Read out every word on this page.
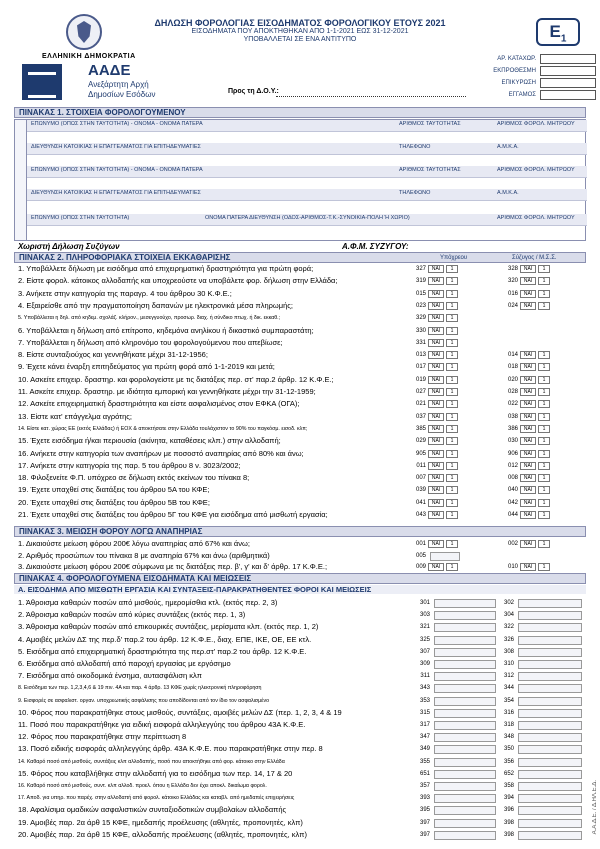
ΕΛΛΗΝΙΚΗ ΔΗΜΟΚΡΑΤΙΑ
ΑΑΔΕ
Ανεξάρτητη Αρχή Δημοσίων Εσόδων
ΔΗΛΩΣΗ ΦΟΡΟΛΟΓΙΑΣ ΕΙΣΟΔΗΜΑΤΟΣ ΦΟΡΟΛΟΓΙΚΟΥ ΕΤΟΥΣ 2021
ΕΙΣΟΔΗΜΑΤΑ ΠΟΥ ΑΠΟΚΤΗΘΗΚΑΝ ΑΠΟ 1-1-2021 ΕΩΣ 31-12-2021
ΥΠΟΒΑΛΛΕΤΑΙ ΣΕ ΕΝΑ ΑΝΤΙΤΥΠΟ	$E_1$
ΑΡ. ΚΑΤΑΧΩΡ.
ΕΚΠΡΟΘΕΣΜΗ
ΕΠΙΚΥΡΩΣΗ
ΕΓΓΑΜΟΣ
Προς τη Δ.Ο.Υ.:
ΠΙΝΑΚΑΣ 1. ΣΤΟΙΧΕΙΑ ΦΟΡΟΛΟΓΟΥΜΕΝΟΥ
ΕΠΩΝΥΜΟ (ΟΠΩΣ ΣΤΗΝ ΤΑΥΤΟΤΗΤΑ) - ΟΝΟΜΑ - ΟΝΟΜΑ ΠΑΤΕΡΑ	ΑΡΙΘΜΟΣ ΤΑΥΤΟΤΗΤΑΣ	ΑΡΙΘΜΟΣ ΦΟΡΟΛ. ΜΗΤΡΩΟΥ
ΔΙΕΥΘΥΝΣΗ ΚΑΤΟΙΚΙΑΣ Η ΕΠΑΓΓΕΛΜΑΤΟΣ ΓΙΑ ΕΠΙΤΗΔΕΥΜΑΤΙΕΣ	ΤΗΛΕΦΩΝΟ	Α.Μ.Κ.Α.
ΕΠΩΝΥΜΟ (ΟΠΩΣ ΣΤΗΝ ΤΑΥΤΟΤΗΤΑ) - ΟΝΟΜΑ - ΟΝΟΜΑ ΠΑΤΕΡΑ	ΑΡΙΘΜΟΣ ΤΑΥΤΟΤΗΤΑΣ	ΑΡΙΘΜΟΣ ΦΟΡΟΛ. ΜΗΤΡΩΟΥ
ΔΙΕΥΘΥΝΣΗ ΚΑΤΟΙΚΙΑΣ Η ΕΠΑΓΓΕΛΜΑΤΟΣ ΓΙΑ ΕΠΙΤΗΔΕΥΜΑΤΙΕΣ	ΤΗΛΕΦΩΝΟ	Α.Μ.Κ.Α.
ΕΠΩΝΥΜΟ (ΟΠΩΣ ΣΤΗΝ ΤΑΥΤΟΤΗΤΑ)	ΟΝΟΜΑ ΠΑΤΕΡΑ ΔΙΕΥΘΥΝΣΗ (ΟΔΟΣ-ΑΡΙΘΜΟΣ-Τ.Κ.-ΣΥΝΟΙΚΙΑ-ΠΟΛΗ Ή ΧΩΡΙΟ)	ΑΡΙΘΜΟΣ ΦΟΡΟΛ. ΜΗΤΡΩΟΥ
Χωριστή Δήλωση Συζύγων	Α.Φ.Μ. ΣΥΖΥΓΟΥ:
ΠΙΝΑΚΑΣ 2. ΠΛΗΡΟΦΟΡΙΑΚΑ ΣΤΟΙΧΕΙΑ ΕΚΚΑΘΑΡΙΣΗΣ	Υπόχρεου	Σύζυγος / Μ.Σ.Σ.
1. Υποβάλλετε δήλωση με εισόδημα από επιχειρηματική δραστηριότητα για πρώτη φορά;	327	ΝΑΙ	1	328	ΝΑΙ	1
2. Είστε φορολ. κάτοικος αλλοδαπής και υποχρεούστε να υποβάλετε φορ. δήλωση στην Ελλάδα;	319	ΝΑΙ	1	320	ΝΑΙ	1
3. Ανήκετε στην κατηγορία της παραγρ. 4 του άρθρου 30 Κ.Φ.Ε.;	015	ΝΑΙ	1	016	ΝΑΙ	1
4. Εξαιρείσθε από την πραγματοποίηση δαπανών με ηλεκτρονικά μέσα πληρωμής;	023	ΝΑΙ	1	024	ΝΑΙ	1
5. Υποβάλλεται η δηλ. από κηδεμ. σχολάζ. κλήρον., μεσεγγυούχο, προσωρ. διαχ. ή σύνδικο πτωχ. ή δικ. εκκαθ.;	329	ΝΑΙ	1
6. Υποβάλλεται η δήλωση από επίτροπο, κηδεμόνα ανηλίκου ή δικαστικό συμπαραστάτη;	330	ΝΑΙ	1
7. Υποβάλλεται η δήλωση από κληρονόμο του φορολογούμενου που απεβίωσε;	331	ΝΑΙ	1
8. Είστε συνταξιούχος και γεννηθήκατε μέχρι 31-12-1956;	013	ΝΑΙ	1	014	ΝΑΙ	1
9. Έχετε κάνει έναρξη επιτηδεύματος για πρώτη φορά από 1-1-2019 και μετά;	017	ΝΑΙ	1	018	ΝΑΙ	1
10. Ασκείτε επιχειρ. δραστηρ. και φορολογείστε με τις διατάξεις περ. στ' παρ.2 άρθρ. 12 Κ.Φ.Ε.;	019	ΝΑΙ	1	020	ΝΑΙ	1
11. Ασκείτε επιχειρ. δραστηρ. με ιδιότητα εμπορική και γεννηθήκατε μέχρι την 31-12-1959;	027	ΝΑΙ	1	028	ΝΑΙ	1
12. Ασκείτε επιχειρηματική δραστηριότητα και είστε ασφαλισμένος στον ΕΦΚΑ (ΟΓΑ);	021	ΝΑΙ	1	022	ΝΑΙ	1
13. Είστε κατ' επάγγελμα αγρότης;	037	ΝΑΙ	1	038	ΝΑΙ	1
14. Είστε κατ. χώρας ΕΕ (εκτός Ελλάδας) ή ΕΟΧ & αποκτήσατε στην Ελλάδα τουλάχιστον το 90% του παγκόσμ. εισοδ. κλπ;	385	ΝΑΙ	1	386	ΝΑΙ	1
15. Έχετε εισόδημα ή/και περιουσία (ακίνητα, καταθέσεις κλπ.) στην αλλοδαπή;	029	ΝΑΙ	1	030	ΝΑΙ	1
16. Ανήκετε στην κατηγορία των αναπήρων με ποσοστό αναπηρίας από 80% και άνω;	905	ΝΑΙ	1	906	ΝΑΙ	1
17. Ανήκετε στην κατηγορία της παρ. 5 του άρθρου 8 ν. 3023/2002;	011	ΝΑΙ	1	012	ΝΑΙ	1
18. Φιλοξενείτε Φ.Π. υπόχρεο σε δήλωση εκτός εκείνων του πίνακα 8;	007	ΝΑΙ	1	008	ΝΑΙ	1
19. Έχετε υπαχθεί στις διατάξεις του άρθρου 5Α του ΚΦΕ;	039	ΝΑΙ	1	040	ΝΑΙ	1
20. Έχετε υπαχθεί στις διατάξεις του άρθρου 5Β του ΚΦΕ;	041	ΝΑΙ	1	042	ΝΑΙ	1
21. Έχετε υπαχθεί στις διατάξεις του άρθρου 5Γ του ΚΦΕ για εισόδημα από μισθωτή εργασία;	043	ΝΑΙ	1	044	ΝΑΙ	1
ΠΙΝΑΚΑΣ 3. ΜΕΙΩΣΗ ΦΟΡΟΥ ΛΟΓΩ ΑΝΑΠΗΡΙΑΣ
1. Δικαιούστε μείωση φόρου 200€ λόγω αναπηρίας από 67% και άνω;	001	ΝΑΙ	1	002	ΝΑΙ	1
2. Αριθμός προσώπων του πίνακα 8 με αναπηρία 67% και άνω (αριθμητικά)	005
3. Δικαιούστε μείωση φόρου 200€ σύμφωνα με τις διατάξεις περ. β', γ' και δ' άρθρ. 17 Κ.Φ.Ε.;	009	ΝΑΙ	1	010	ΝΑΙ	1
ΠΙΝΑΚΑΣ 4. ΦΟΡΟΛΟΓΟΥΜΕΝΑ ΕΙΣΟΔΗΜΑΤΑ ΚΑΙ ΜΕΙΩΣΕΙΣ
Α. ΕΙΣΟΔΗΜΑ ΑΠΟ ΜΙΣΘΩΤΗ ΕΡΓΑΣΙΑ ΚΑΙ ΣΥΝΤΑΞΕΙΣ-ΠΑΡΑΚΡΑΤΗΘΕΝΤΕΣ ΦΟΡΟΙ ΚΑΙ ΜΕΙΩΣΕΙΣ
1. Άθροισμα καθαρών ποσών από μισθούς, ημερομίσθια κτλ. (εκτός περ. 2, 3)	301	302
2. Άθροισμα καθαρών ποσών από κύριες συντάξεις (εκτός περ. 1, 3)	303	304
3. Άθροισμα καθαρών ποσών από επικουρικές συντάξεις, μερίσματα κλπ. (εκτός περ. 1, 2)	321	322
4. Αμοιβές μελών ΔΣ της περ.δ' παρ.2 του άρθρ. 12 Κ.Φ.Ε., διαχ. ΕΠΕ, ΙΚΕ, ΟΕ, ΕΕ κτλ.	325	326
5. Εισόδημα από επιχειρηματική δραστηριότητα της περ.στ' παρ.2 του άρθρ. 12 Κ.Φ.Ε.	307	308
6. Εισόδημα από αλλοδαπή από παροχή εργασίας με εργόσημο	309	310
7. Εισόδημα από οικοδομικά ένσημα, αυτασφάλιση κλπ	311	312
8. Εισόδημα των περ. 1,2,3,4,6 & 19 πιν. 4Α και παρ. 4 άρθρ. 13 ΚΦΕ χωρίς ηλεκτρονική πληροφόρηση	343	344
9. Εισφορές σε ασφαλιστ. οργαν. υποχρεωτικής ασφάλισης που αποδίδονται από τον ίδιο τον ασφαλισμένο	353	354
10. Φόρος που παρακρατήθηκε στους μισθούς, συντάξεις, αμοιβές μελών ΔΣ (περ. 1, 2, 3, 4 & 19	315	316
11. Ποσό που παρακρατήθηκε για ειδική εισφορά αλληλεγγύης του άρθρου 43Α Κ.Φ.Ε.	317	318
12. Φόρος που παρακρατήθηκε στην περίπτωση 8	347	348
13. Ποσό ειδικής εισφοράς αλληλεγγύης άρθρ. 43Α Κ.Φ.Ε. που παρακρατήθηκε στην περ. 8	349	350
14. Καθαρό ποσό από μισθούς, συντάξεις κλπ αλλοδαπής, ποσό που αποκτήθηκε από φορ. κάτοικο στην Ελλάδα	355	356
15. Φόρος που καταβλήθηκε στην αλλοδαπή για το εισόδημα των περ. 14, 17 & 20	651	652
16. Καθαρό ποσό από μισθούς, συντ. κλπ αλλοδ. προελ. όπου η Ελλάδα δεν έχει αποκλ. δικαίωμα φορολ.	357	358
17. Αποδ. για υπηρ. που παρέχ. στην αλλοδαπή από φορολ. κάτοικο Ελλάδας και καταβλ. από ημεδαπές επιχειρήσεις	393	394
18. Αφαλίσιμα ομαδικών ασφαλιστικών συνταξιοδοτικών συμβολαίων αλλοδαπής	395	396
19. Αμοιβές παρ. 2α άρθ 15 ΚΦΕ, ημεδαπής προέλευσης (αθλητές, προπονητές, κλπ)	397	398
20. Αμοιβές παρ. 2α άρθ 15 ΚΦΕ, αλλοδαπής προέλευσης (αθλητές, προπονητές, κλπ)	397	398
Α.Α.Δ.Ε. / Δ.ΗΛ.Ε.Δ.
